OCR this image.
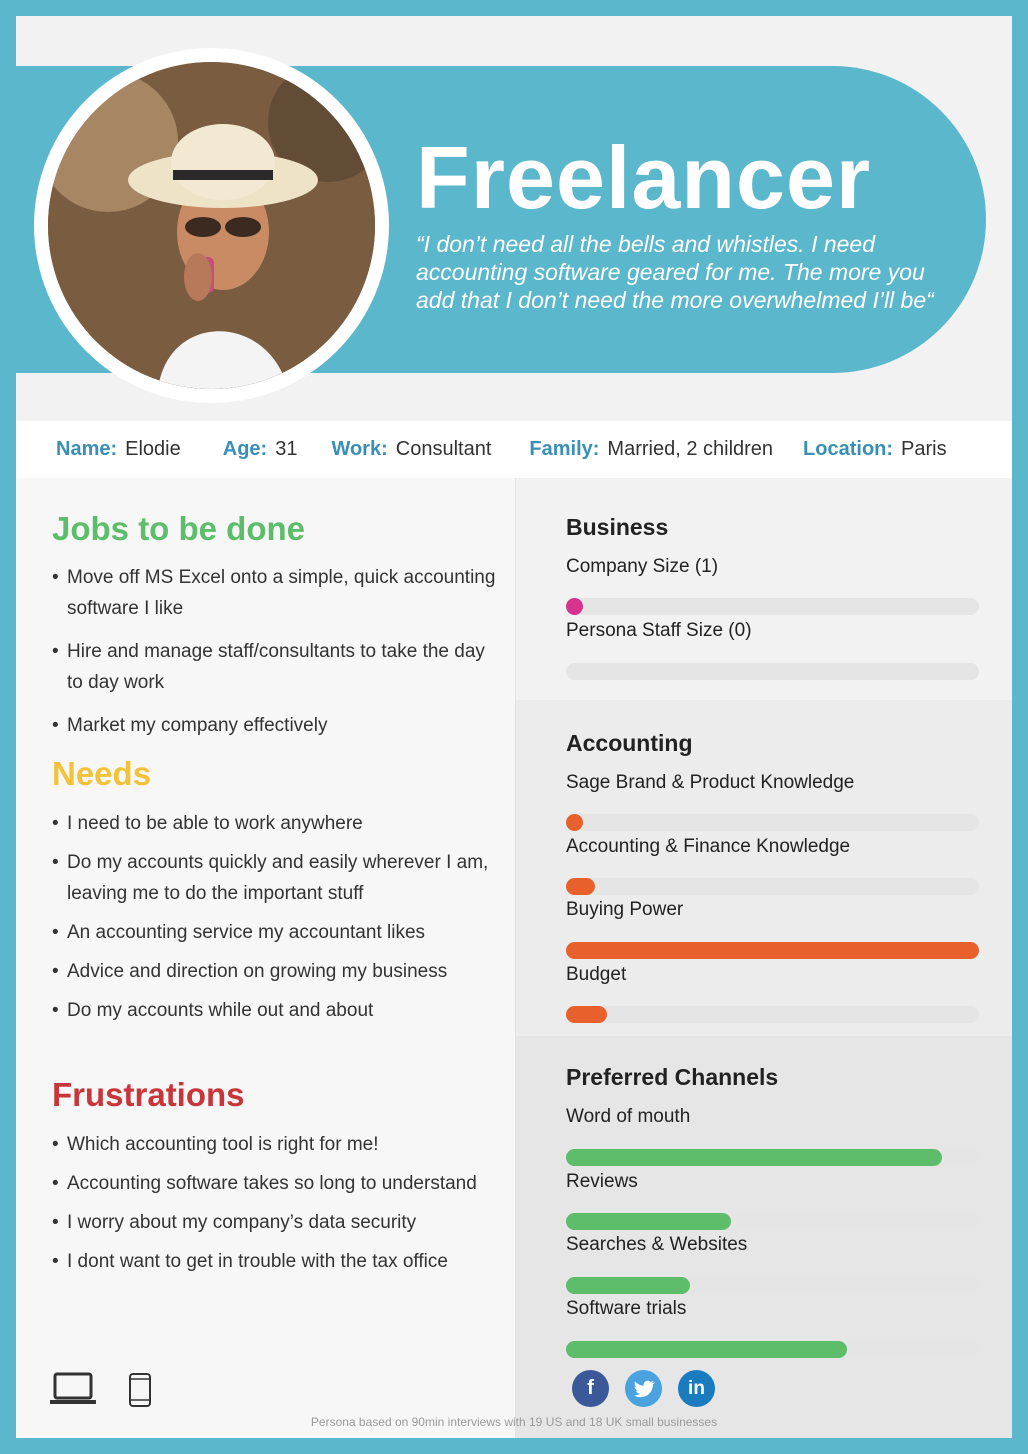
Freelancer
“I don’t need all the bells and whistles. I need accounting software geared for me. The more you add that I don’t need the more overwhelmed I’ll be“
Name: Elodie Age: 31 Work: Consultant Family: Married, 2 children Location: Paris
Jobs to be done
• Move off MS Excel onto a simple, quick accounting software I like
• Hire and manage staff/consultants to take the day to day work
• Market my company effectively
Needs
• I need to be able to work anywhere
• Do my accounts quickly and easily wherever I am, leaving me to do the important stuff
• An accounting service my accountant likes
• Advice and direction on growing my business
• Do my accounts while out and about
Frustrations
• Which accounting tool is right for me!
• Accounting software takes so long to understand
• I worry about my company’s data security
• I dont want to get in trouble with the tax office
Business
Company Size (1)
Persona Staff Size (0)
Accounting
Sage Brand & Product Knowledge
Accounting & Finance Knowledge
Buying Power
Budget
Preferred Channels
Word of mouth
Reviews
Searches & Websites
Software trials
f	in
Persona based on 90min interviews with 19 US and 18 UK small businesses
